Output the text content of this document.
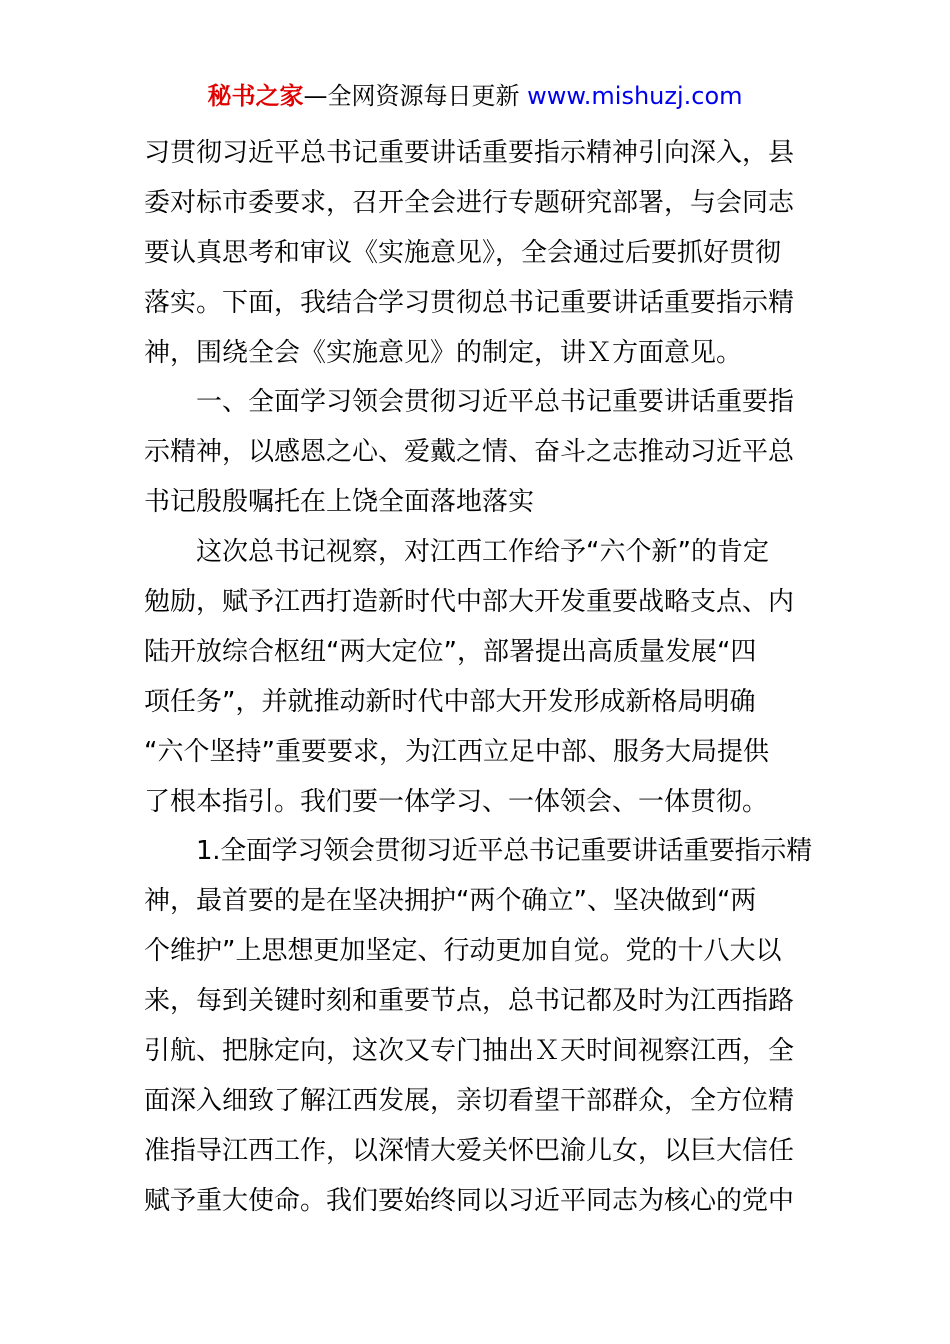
秘书之家—全网资源每日更新 www.mishuzj.com
习贯彻习近平总书记重要讲话重要指示精神引向深入，县
委对标市委要求，召开全会进行专题研究部署，与会同志
要认真思考和审议《实施意见》，全会通过后要抓好贯彻
落实。下面，我结合学习贯彻总书记重要讲话重要指示精
神，围绕全会《实施意见》的制定，讲Ｘ方面意见。
一、全面学习领会贯彻习近平总书记重要讲话重要指
示精神，以感恩之心、爱戴之情、奋斗之志推动习近平总
书记殷殷嘱托在上饶全面落地落实
这次总书记视察，对江西工作给予“六个新”的肯定
勉励，赋予江西打造新时代中部大开发重要战略支点、内
陆开放综合枢纽“两大定位”，部署提出高质量发展“四
项任务”，并就推动新时代中部大开发形成新格局明确
“六个坚持”重要要求，为江西立足中部、服务大局提供
了根本指引。我们要一体学习、一体领会、一体贯彻。
1.全面学习领会贯彻习近平总书记重要讲话重要指示精
神，最首要的是在坚决拥护“两个确立”、坚决做到“两
个维护”上思想更加坚定、行动更加自觉。党的十八大以
来，每到关键时刻和重要节点，总书记都及时为江西指路
引航、把脉定向，这次又专门抽出Ｘ天时间视察江西，全
面深入细致了解江西发展，亲切看望干部群众，全方位精
准指导江西工作，以深情大爱关怀巴渝儿女，以巨大信任
赋予重大使命。我们要始终同以习近平同志为核心的党中
